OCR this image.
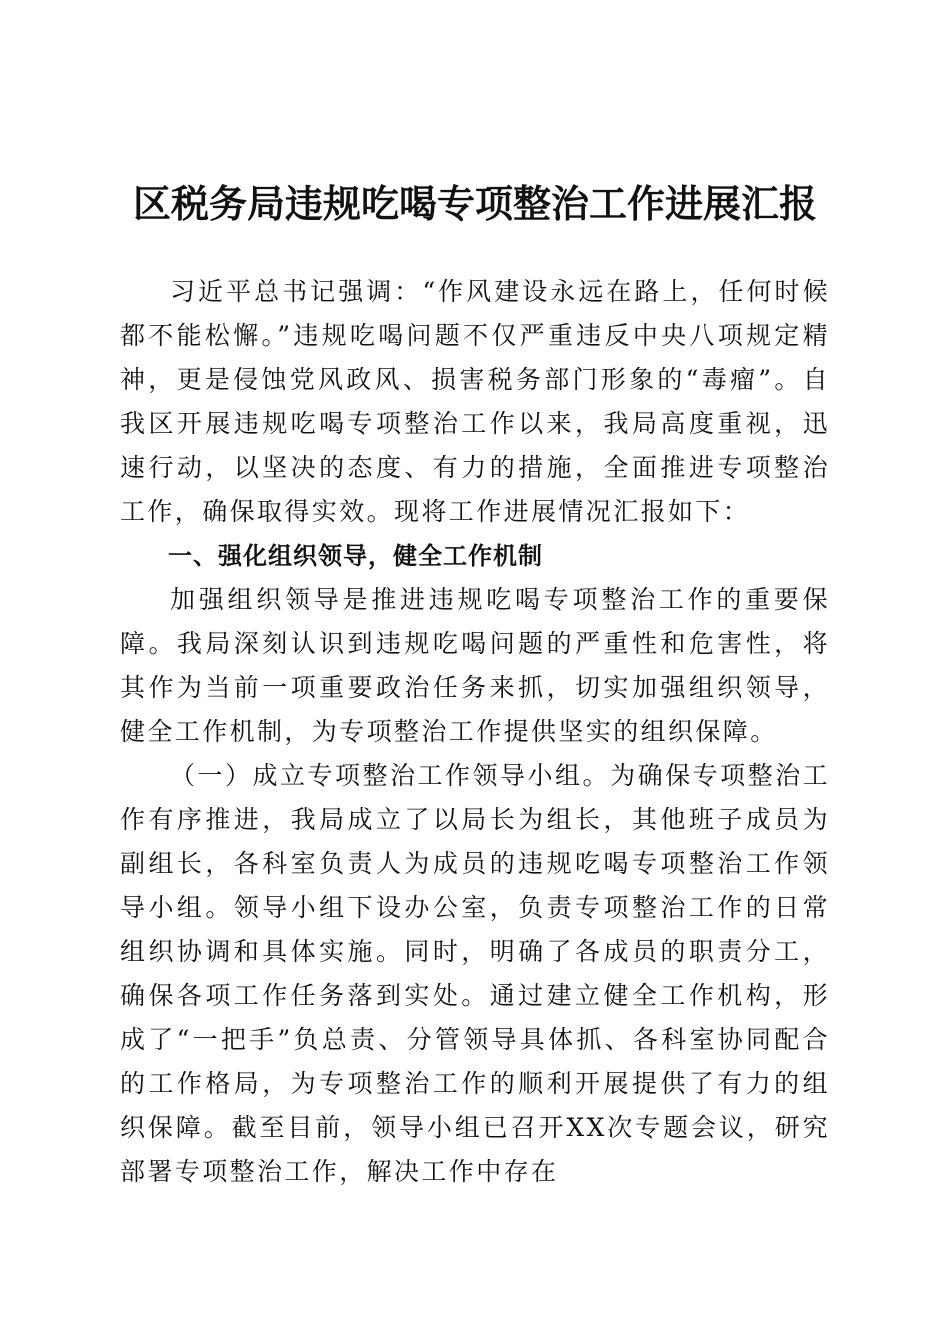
区税务局违规吃喝专项整治工作进展汇报

习近平总书记强调：“作风建设永远在路上，任何时候都不能松懈。”违规吃喝问题不仅严重违反中央八项规定精神，更是侵蚀党风政风、损害税务部门形象的“毒瘤”。自我区开展违规吃喝专项整治工作以来，我局高度重视，迅速行动，以坚决的态度、有力的措施，全面推进专项整治工作，确保取得实效。现将工作进展情况汇报如下：

一、强化组织领导，健全工作机制

加强组织领导是推进违规吃喝专项整治工作的重要保障。我局深刻认识到违规吃喝问题的严重性和危害性，将其作为当前一项重要政治任务来抓，切实加强组织领导，健全工作机制，为专项整治工作提供坚实的组织保障。

（一）成立专项整治工作领导小组。为确保专项整治工作有序推进，我局成立了以局长为组长，其他班子成员为副组长，各科室负责人为成员的违规吃喝专项整治工作领导小组。领导小组下设办公室，负责专项整治工作的日常组织协调和具体实施。同时，明确了各成员的职责分工，确保各项工作任务落到实处。通过建立健全工作机构，形成了“一把手”负总责、分管领导具体抓、各科室协同配合的工作格局，为专项整治工作的顺利开展提供了有力的组织保障。截至目前，领导小组已召开XX次专题会议，研究部署专项整治工作，解决工作中存在
